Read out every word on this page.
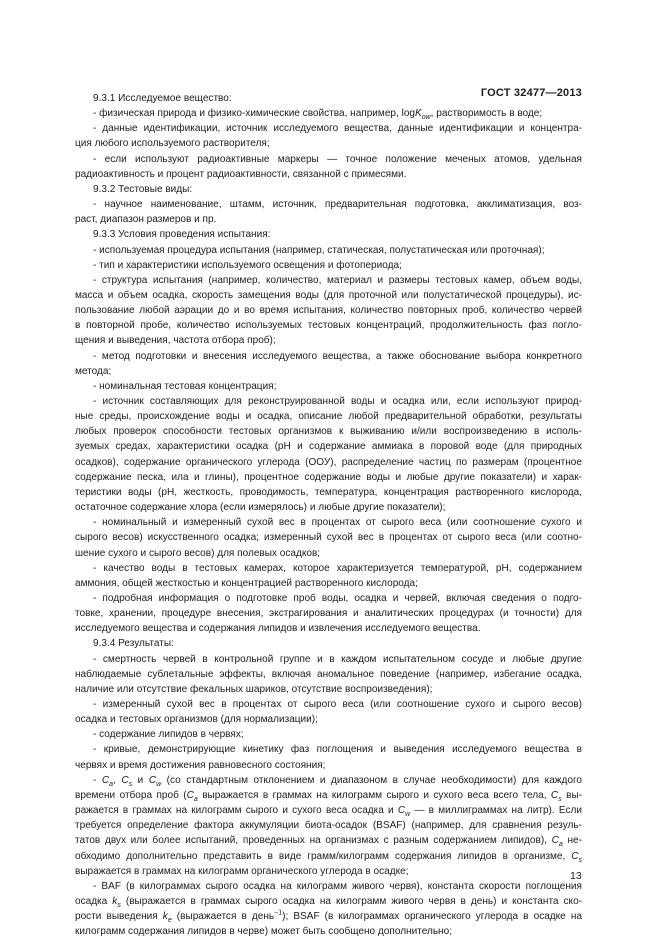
ГОСТ 32477—2013
9.3.1 Исследуемое вещество:
- физическая природа и физико-химические свойства, например, logK$_{ow}$, растворимость в воде;
- данные идентификации, источник исследуемого вещества, данные идентификации и концентра-
ция любого используемого растворителя;
- если используют радиоактивные маркеры — точное положение меченых атомов, удельная
радиоактивность и процент радиоактивности, связанной с примесями.
9.3.2 Тестовые виды:
- научное наименование, штамм, источник, предварительная подготовка, акклиматизация, воз-
раст, диапазон размеров и пр.
9.3.3 Условия проведения испытания:
- используемая процедура испытания (например, статическая, полустатическая или проточная);
- тип и характеристики используемого освещения и фотопериода;
- структура испытания (например, количество, материал и размеры тестовых камер, объем воды,
масса и объем осадка, скорость замещения воды (для проточной или полустатической процедуры), ис-
пользование любой аэрации до и во время испытания, количество повторных проб, количество червей
в повторной пробе, количество используемых тестовых концентраций, продолжительность фаз погло-
щения и выведения, частота отбора проб);
- метод подготовки и внесения исследуемого вещества, а также обоснование выбора конкретного
метода;
- номинальная тестовая концентрация;
- источник составляющих для реконструированной воды и осадка или, если используют природ-
ные среды, происхождение воды и осадка, описание любой предварительной обработки, результаты
любых проверок способности тестовых организмов к выживанию и/или воспроизведению в исполь-
зуемых средах, характеристики осадка (рН и содержание аммиака в поровой воде (для природных
осадков), содержание органического углерода (ООУ), распределение частиц по размерам (процентное
содержание песка, ила и глины), процентное содержание воды и любые другие показатели) и харак-
теристики воды (рН, жесткость, проводимость, температура, концентрация растворенного кислорода,
остаточное содержание хлора (если измерялось) и любые другие показатели);
- номинальный и измеренный сухой вес в процентах от сырого веса (или соотношение сухого и
сырого весов) искусственного осадка; измеренный сухой вес в процентах от сырого веса (или соотно-
шение сухого и сырого весов) для полевых осадков;
- качество воды в тестовых камерах, которое характеризуется температурой, рН, содержанием
аммония, общей жесткостью и концентрацией растворенного кислорода;
- подробная информация о подготовке проб воды, осадка и червей, включая сведения о подго-
товке, хранении, процедуре внесения, экстрагирования и аналитических процедурах (и точности) для
исследуемого вещества и содержания липидов и извлечения исследуемого вещества.
9.3.4 Результаты:
- смертность червей в контрольной группе и в каждом испытательном сосуде и любые другие
наблюдаемые сублетальные эффекты, включая аномальное поведение (например, избегание осадка,
наличие или отсутствие фекальных шариков, отсутствие воспроизведения);
- измеренный сухой вес в процентах от сырого веса (или соотношение сухого и сырого весов)
осадка и тестовых организмов (для нормализации);
- содержание липидов в червях;
- кривые, демонстрирующие кинетику фаз поглощения и выведения исследуемого вещества в
червях и время достижения равновесного состояния;
- $C_a$, $C_s$ и $C_w$ (со стандартным отклонением и диапазоном в случае необходимости) для каждого
времени отбора проб ($C_a$ выражается в граммах на килограмм сырого и сухого веса всего тела, $C_s$ вы-
ражается в граммах на килограмм сырого и сухого веса осадка и $C_w$ — в миллиграммах на литр). Если
требуется определение фактора аккумуляции биота-осадок (BSAF) (например, для сравнения резуль-
татов двух или более испытаний, проведенных на организмах с разным содержанием липидов), $C_a$ не-
обходимо дополнительно представить в виде грамм/килограмм содержания липидов в организме, $C_s$
выражается в граммах на килограмм органического углерода в осадке;
- BAF (в килограммах сырого осадка на килограмм живого червя), константа скорости поглощения
осадка $k_s$ (выражается в граммах сырого осадка на килограмм живого червя в день) и константа ско-
рости выведения $k_e$ (выражается в день$^{-1}$); BSAF (в килограммах органического углерода в осадке на
килограмм содержания липидов в черве) может быть сообщено дополнительно;
13
